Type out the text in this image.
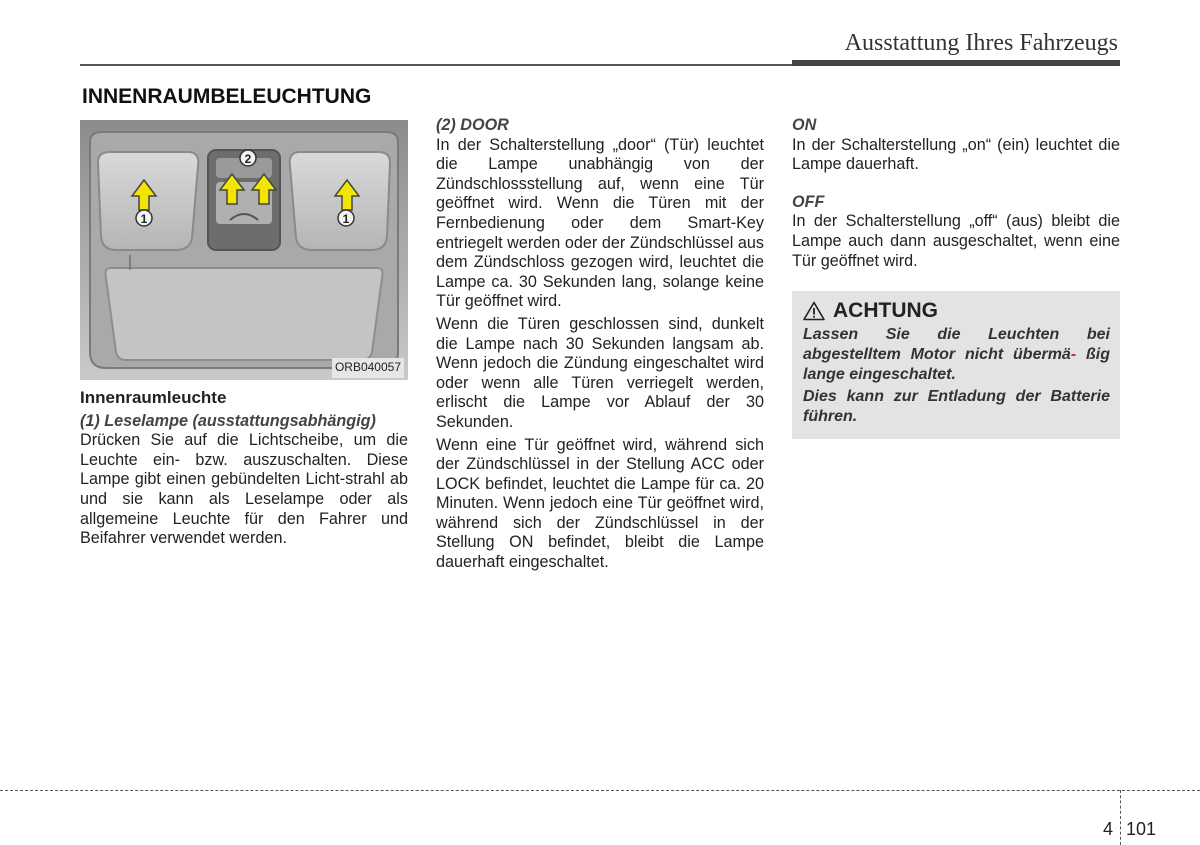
Ausstattung Ihres Fahrzeugs
INNENRAUMBELEUCHTUNG
1
2
1
ORB040057
Innenraumleuchte

(1) Leselampe (ausstattungsabhängig)

Drücken Sie auf die Lichtscheibe, um die Leuchte ein- bzw. auszuschalten. Diese Lampe gibt einen gebündelten Licht-strahl ab und sie kann als Leselampe oder als allgemeine Leuchte für den Fahrer und Beifahrer verwendet werden.

(2) DOOR

In der Schalterstellung „door“ (Tür) leuchtet die Lampe unabhängig von der Zündschlossstellung auf, wenn eine Tür geöffnet wird. Wenn die Türen mit der Fernbedienung oder dem Smart-Key entriegelt werden oder der Zündschlüssel aus dem Zündschloss gezogen wird, leuchtet die Lampe ca. 30 Sekunden lang, solange keine Tür geöffnet wird.

Wenn die Türen geschlossen sind, dunkelt die Lampe nach 30 Sekunden langsam ab. Wenn jedoch die Zündung eingeschaltet wird oder wenn alle Türen verriegelt werden, erlischt die Lampe vor Ablauf der 30 Sekunden.

Wenn eine Tür geöffnet wird, während sich der Zündschlüssel in der Stellung ACC oder LOCK befindet, leuchtet die Lampe für ca. 20 Minuten. Wenn jedoch eine Tür geöffnet wird, während sich der Zündschlüssel in der Stellung ON befindet, bleibt die Lampe dauerhaft eingeschaltet.

ON

In der Schalterstellung „on“ (ein) leuchtet die Lampe dauerhaft.

OFF

In der Schalterstellung „off“ (aus) bleibt die Lampe auch dann ausgeschaltet, wenn eine Tür geöffnet wird.

ACHTUNG
Lassen Sie die Leuchten bei abgestelltem Motor nicht übermä- ßig lange eingeschaltet.
Dies kann zur Entladung der Batterie führen.
4 101
